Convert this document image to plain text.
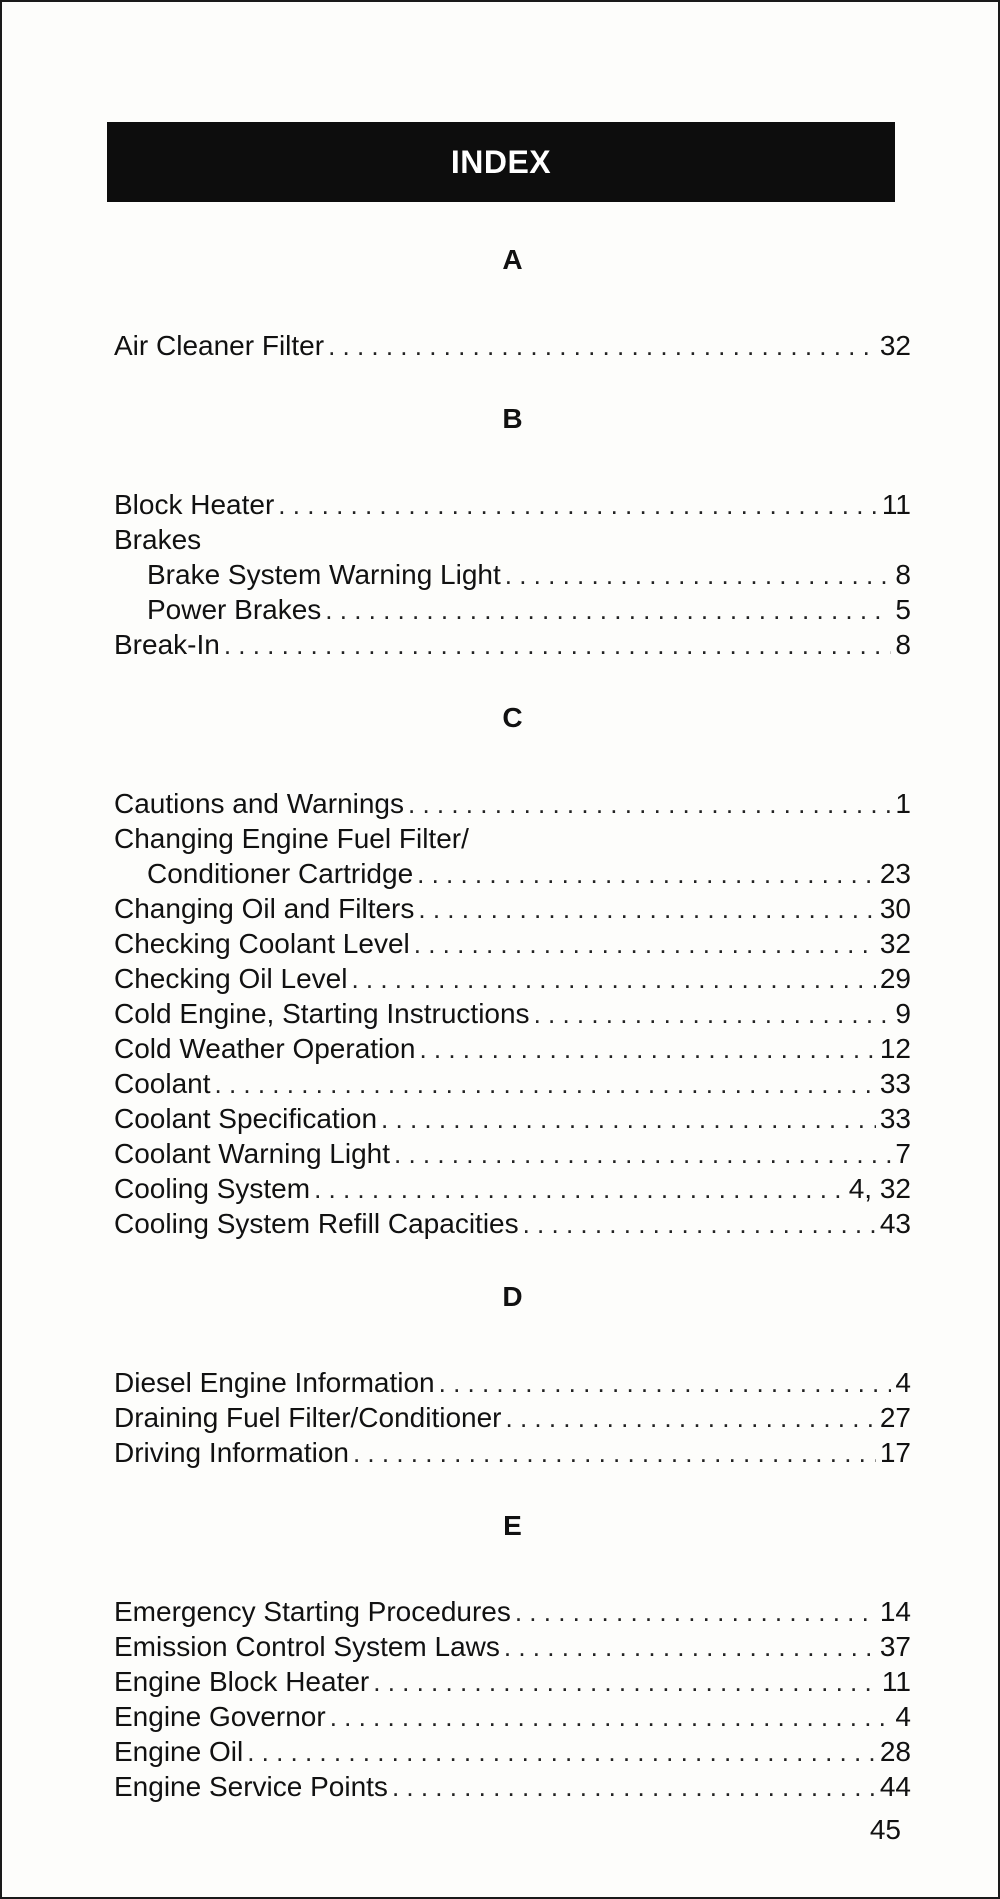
INDEX
A
Air Cleaner Filter . . .	32
B
Block Heater . . .	11
Brakes
Brake System Warning Light . . .	8
Power Brakes . . .	5
Break-In . . .	8
C
Cautions and Warnings . . .	1
Changing Engine Fuel Filter/
Conditioner Cartridge . . .	23
Changing Oil and Filters . . .	30
Checking Coolant Level . . .	32
Checking Oil Level . . .	29
Cold Engine, Starting Instructions . . .	9
Cold Weather Operation . . .	12
Coolant . . .	33
Coolant Specification . . .	33
Coolant Warning Light . . .	7
Cooling System . . .	4, 32
Cooling System Refill Capacities . . .	43
D
Diesel Engine Information . . .	4
Draining Fuel Filter/Conditioner . . .	27
Driving Information . . .	17
E
Emergency Starting Procedures . . .	14
Emission Control System Laws . . .	37
Engine Block Heater . . .	11
Engine Governor . . .	4
Engine Oil . . .	28
Engine Service Points . . .	44
45
